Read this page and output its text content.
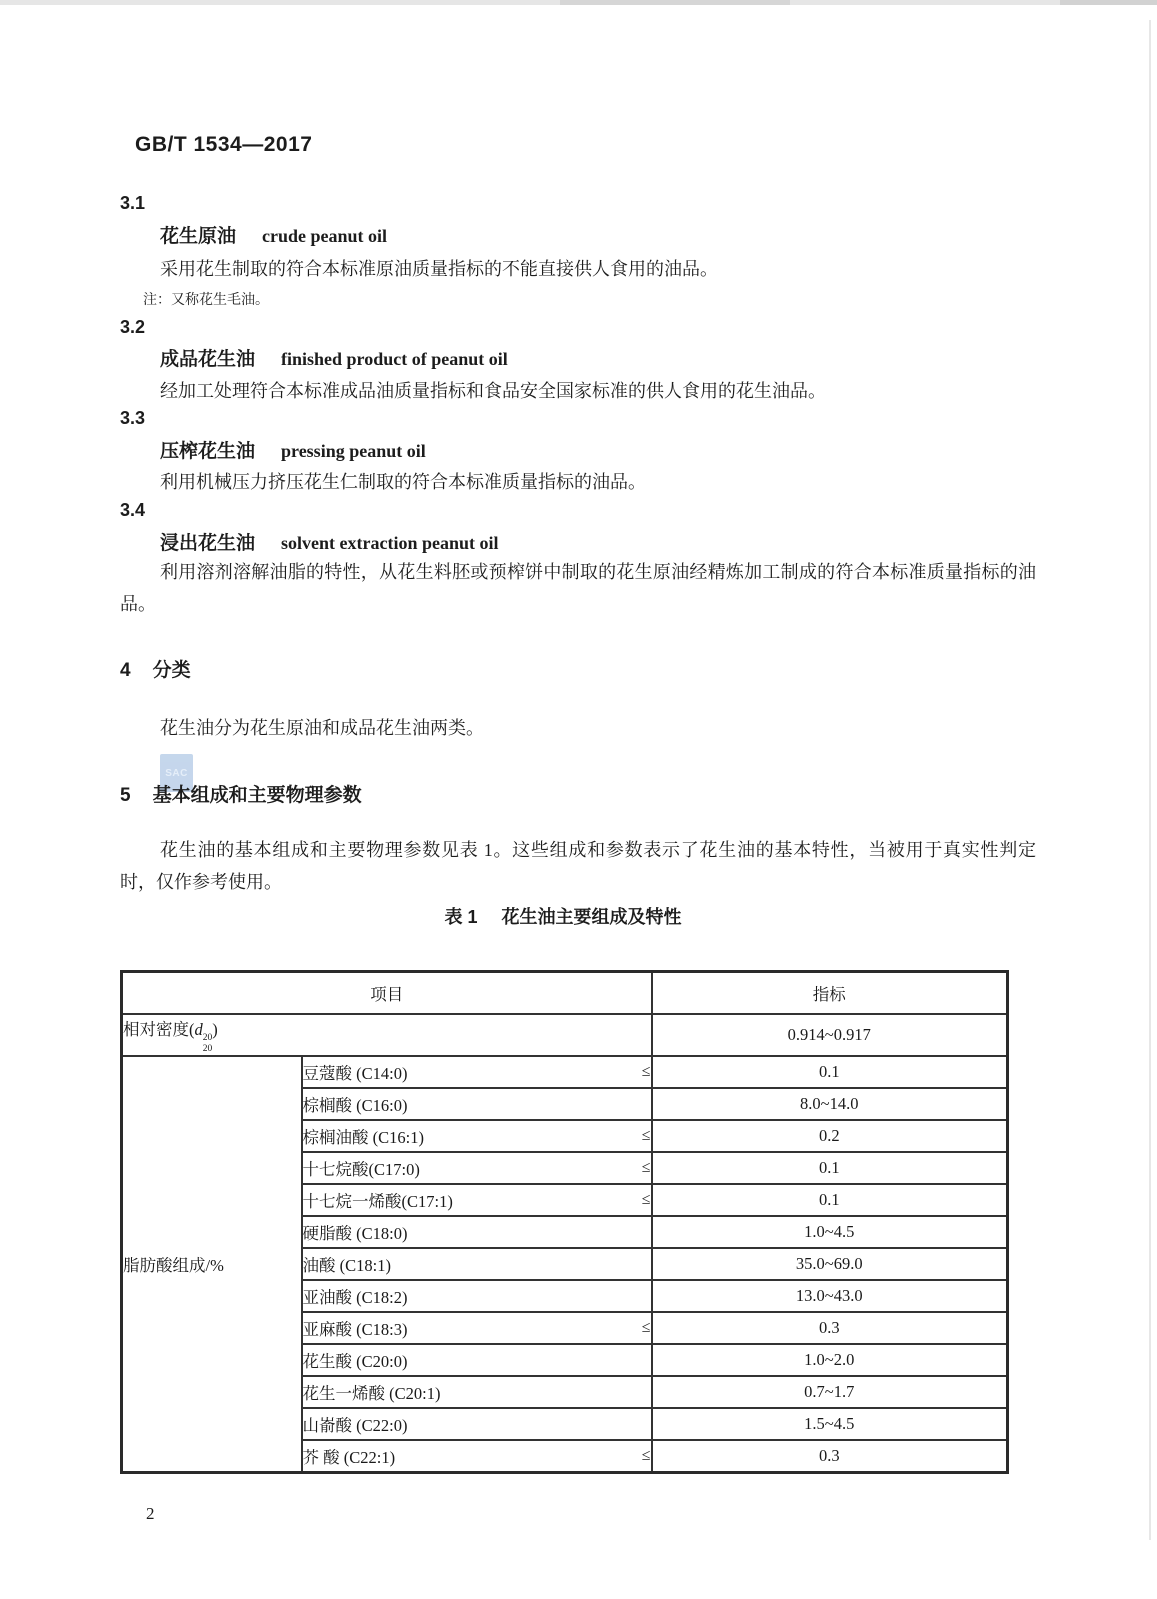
GB/T 1534—2017
3.1
花生原油 crude peanut oil
采用花生制取的符合本标准原油质量指标的不能直接供人食用的油品。
注：又称花生毛油。
3.2
成品花生油 finished product of peanut oil
经加工处理符合本标准成品油质量指标和食品安全国家标准的供人食用的花生油品。
3.3
压榨花生油 pressing peanut oil
利用机械压力挤压花生仁制取的符合本标准质量指标的油品。
3.4
浸出花生油 solvent extraction peanut oil
利用溶剂溶解油脂的特性，从花生料胚或预榨饼中制取的花生原油经精炼加工制成的符合本标准质量指标的油品。
4 分类
花生油分为花生原油和成品花生油两类。
SAC
5 基本组成和主要物理参数
花生油的基本组成和主要物理参数见表 1。这些组成和参数表示了花生油的基本特性，当被用于真实性判定时，仅作参考使用。
表 1 花生油主要组成及特性
项目		指标
相对密度(d 20
20
)		0.914~0.917
脂肪酸组成/%	豆蔻酸 (C14:0) ≤	0.1

	棕榈酸 (C16:0)	8.0~14.0

	棕榈油酸 (C16:1) ≤	0.2

	十七烷酸(C17:0) ≤	0.1

	十七烷一烯酸(C17:1) ≤	0.1

	硬脂酸 (C18:0)	1.0~4.5

	油酸 (C18:1)	35.0~69.0

	亚油酸 (C18:2)	13.0~43.0

	亚麻酸 (C18:3) ≤	0.3

	花生酸 (C20:0)	1.0~2.0

	花生一烯酸 (C20:1)	0.7~1.7

	山嵛酸 (C22:0)	1.5~4.5

	芥 酸 (C22:1) ≤	0.3
2
